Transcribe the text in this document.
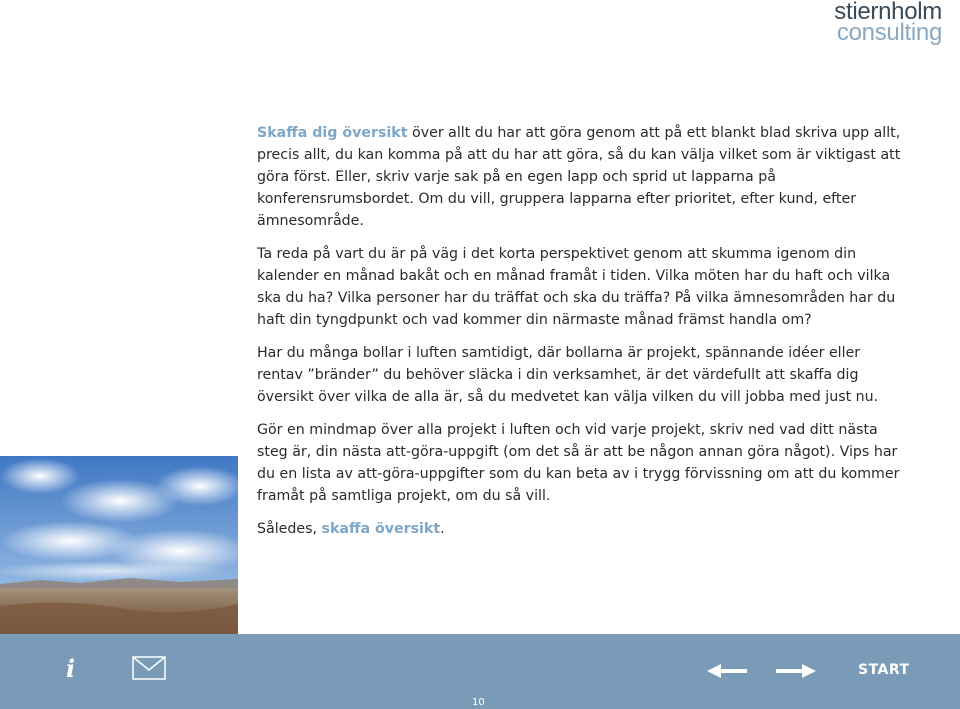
stiernholm
consulting

Skaffa dig översikt över allt du har att göra genom att på ett blankt blad skriva upp allt, precis allt, du kan komma på att du har att göra, så du kan välja vilket som är viktigast att göra först. Eller, skriv varje sak på en egen lapp och sprid ut lapparna på konferensrumsbordet. Om du vill, gruppera lapparna efter prioritet, efter kund, efter ämnesområde.

Ta reda på vart du är på väg i det korta perspektivet genom att skumma igenom din kalender en månad bakåt och en månad framåt i tiden. Vilka möten har du haft och vilka ska du ha? Vilka personer har du träffat och ska du träffa? På vilka ämnesområden har du haft din tyngdpunkt och vad kommer din närmaste månad främst handla om?

Har du många bollar i luften samtidigt, där bollarna är projekt, spännande idéer eller rentav ”bränder” du behöver släcka i din verksamhet, är det värdefullt att skaffa dig översikt över vilka de alla är, så du medvetet kan välja vilken du vill jobba med just nu.

Gör en mindmap över alla projekt i luften och vid varje projekt, skriv ned vad ditt nästa steg är, din nästa att-göra-uppgift (om det så är att be någon annan göra något). Vips har du en lista av att-göra-uppgifter som du kan beta av i trygg förvissning om att du kommer framåt på samtliga projekt, om du så vill.

Således, skaffa översikt.

i	START
10
